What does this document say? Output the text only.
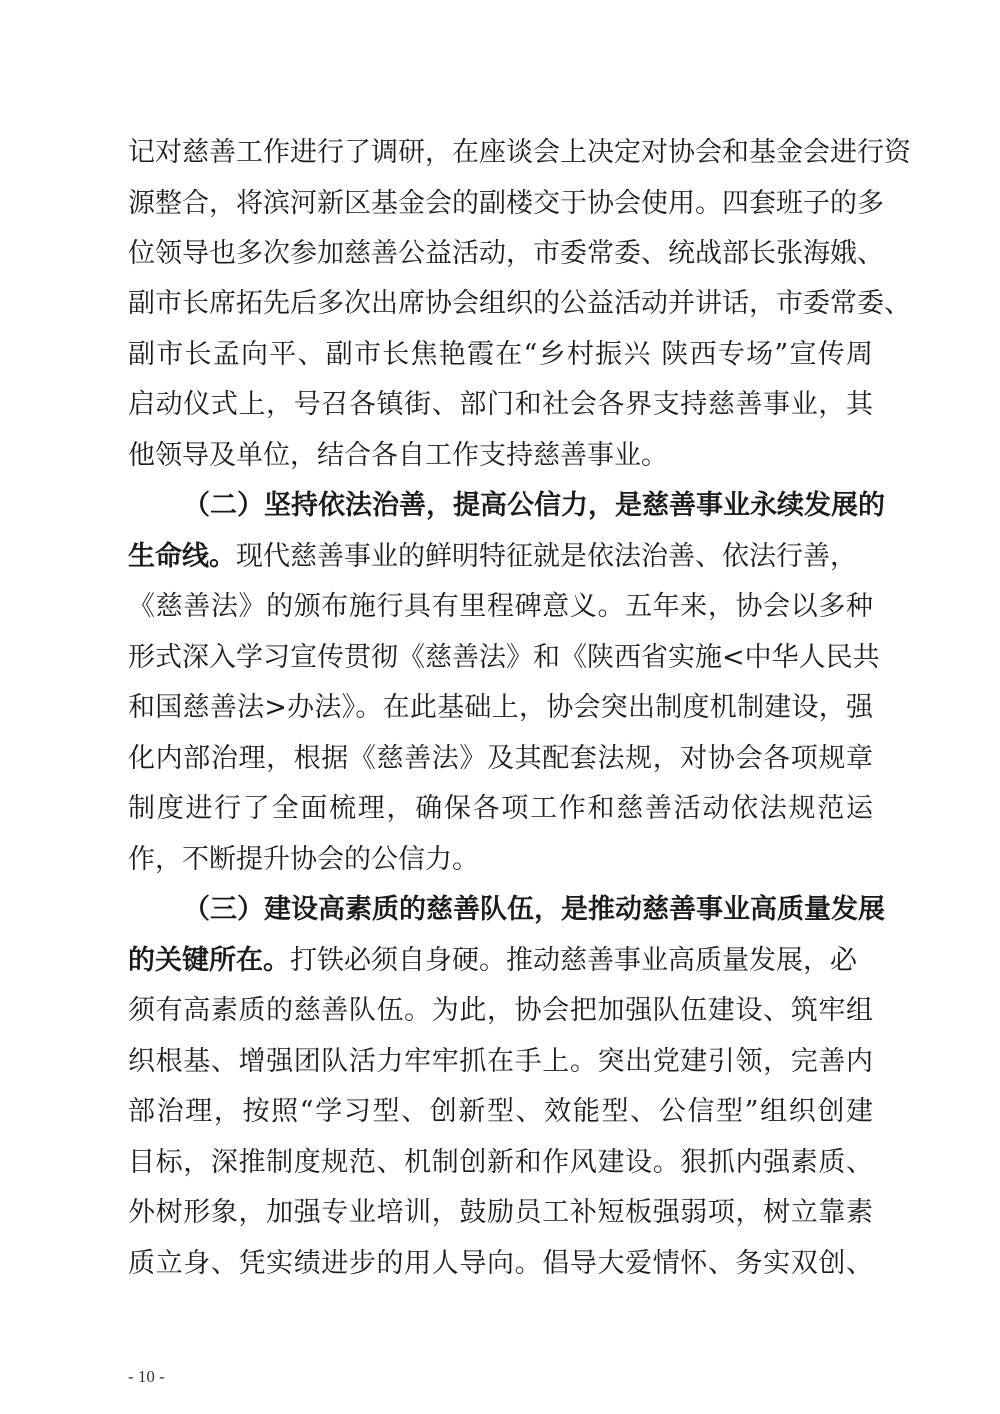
记对慈善工作进行了调研，在座谈会上决定对协会和基金会进行资
源整合，将滨河新区基金会的副楼交于协会使用。四套班子的多
位领导也多次参加慈善公益活动，市委常委、统战部长张海娥、
副市长席拓先后多次出席协会组织的公益活动并讲话，市委常委、
副市长孟向平、副市长焦艳霞在“乡村振兴 陕西专场”宣传周
启动仪式上，号召各镇街、部门和社会各界支持慈善事业，其
他领导及单位，结合各自工作支持慈善事业。
（二）坚持依法治善，提高公信力，是慈善事业永续发展的
生命线。现代慈善事业的鲜明特征就是依法治善、依法行善，
《慈善法》的颁布施行具有里程碑意义。五年来，协会以多种
形式深入学习宣传贯彻《慈善法》和《陕西省实施<中华人民共
和国慈善法>办法》。在此基础上，协会突出制度机制建设，强
化内部治理，根据《慈善法》及其配套法规，对协会各项规章
制度进行了全面梳理，确保各项工作和慈善活动依法规范运
作，不断提升协会的公信力。
（三）建设高素质的慈善队伍，是推动慈善事业高质量发展
的关键所在。打铁必须自身硬。推动慈善事业高质量发展，必
须有高素质的慈善队伍。为此，协会把加强队伍建设、筑牢组
织根基、增强团队活力牢牢抓在手上。突出党建引领，完善内
部治理，按照“学习型、创新型、效能型、公信型”组织创建
目标，深推制度规范、机制创新和作风建设。狠抓内强素质、
外树形象，加强专业培训，鼓励员工补短板强弱项，树立靠素
质立身、凭实绩进步的用人导向。倡导大爱情怀、务实双创、
- 10 -
